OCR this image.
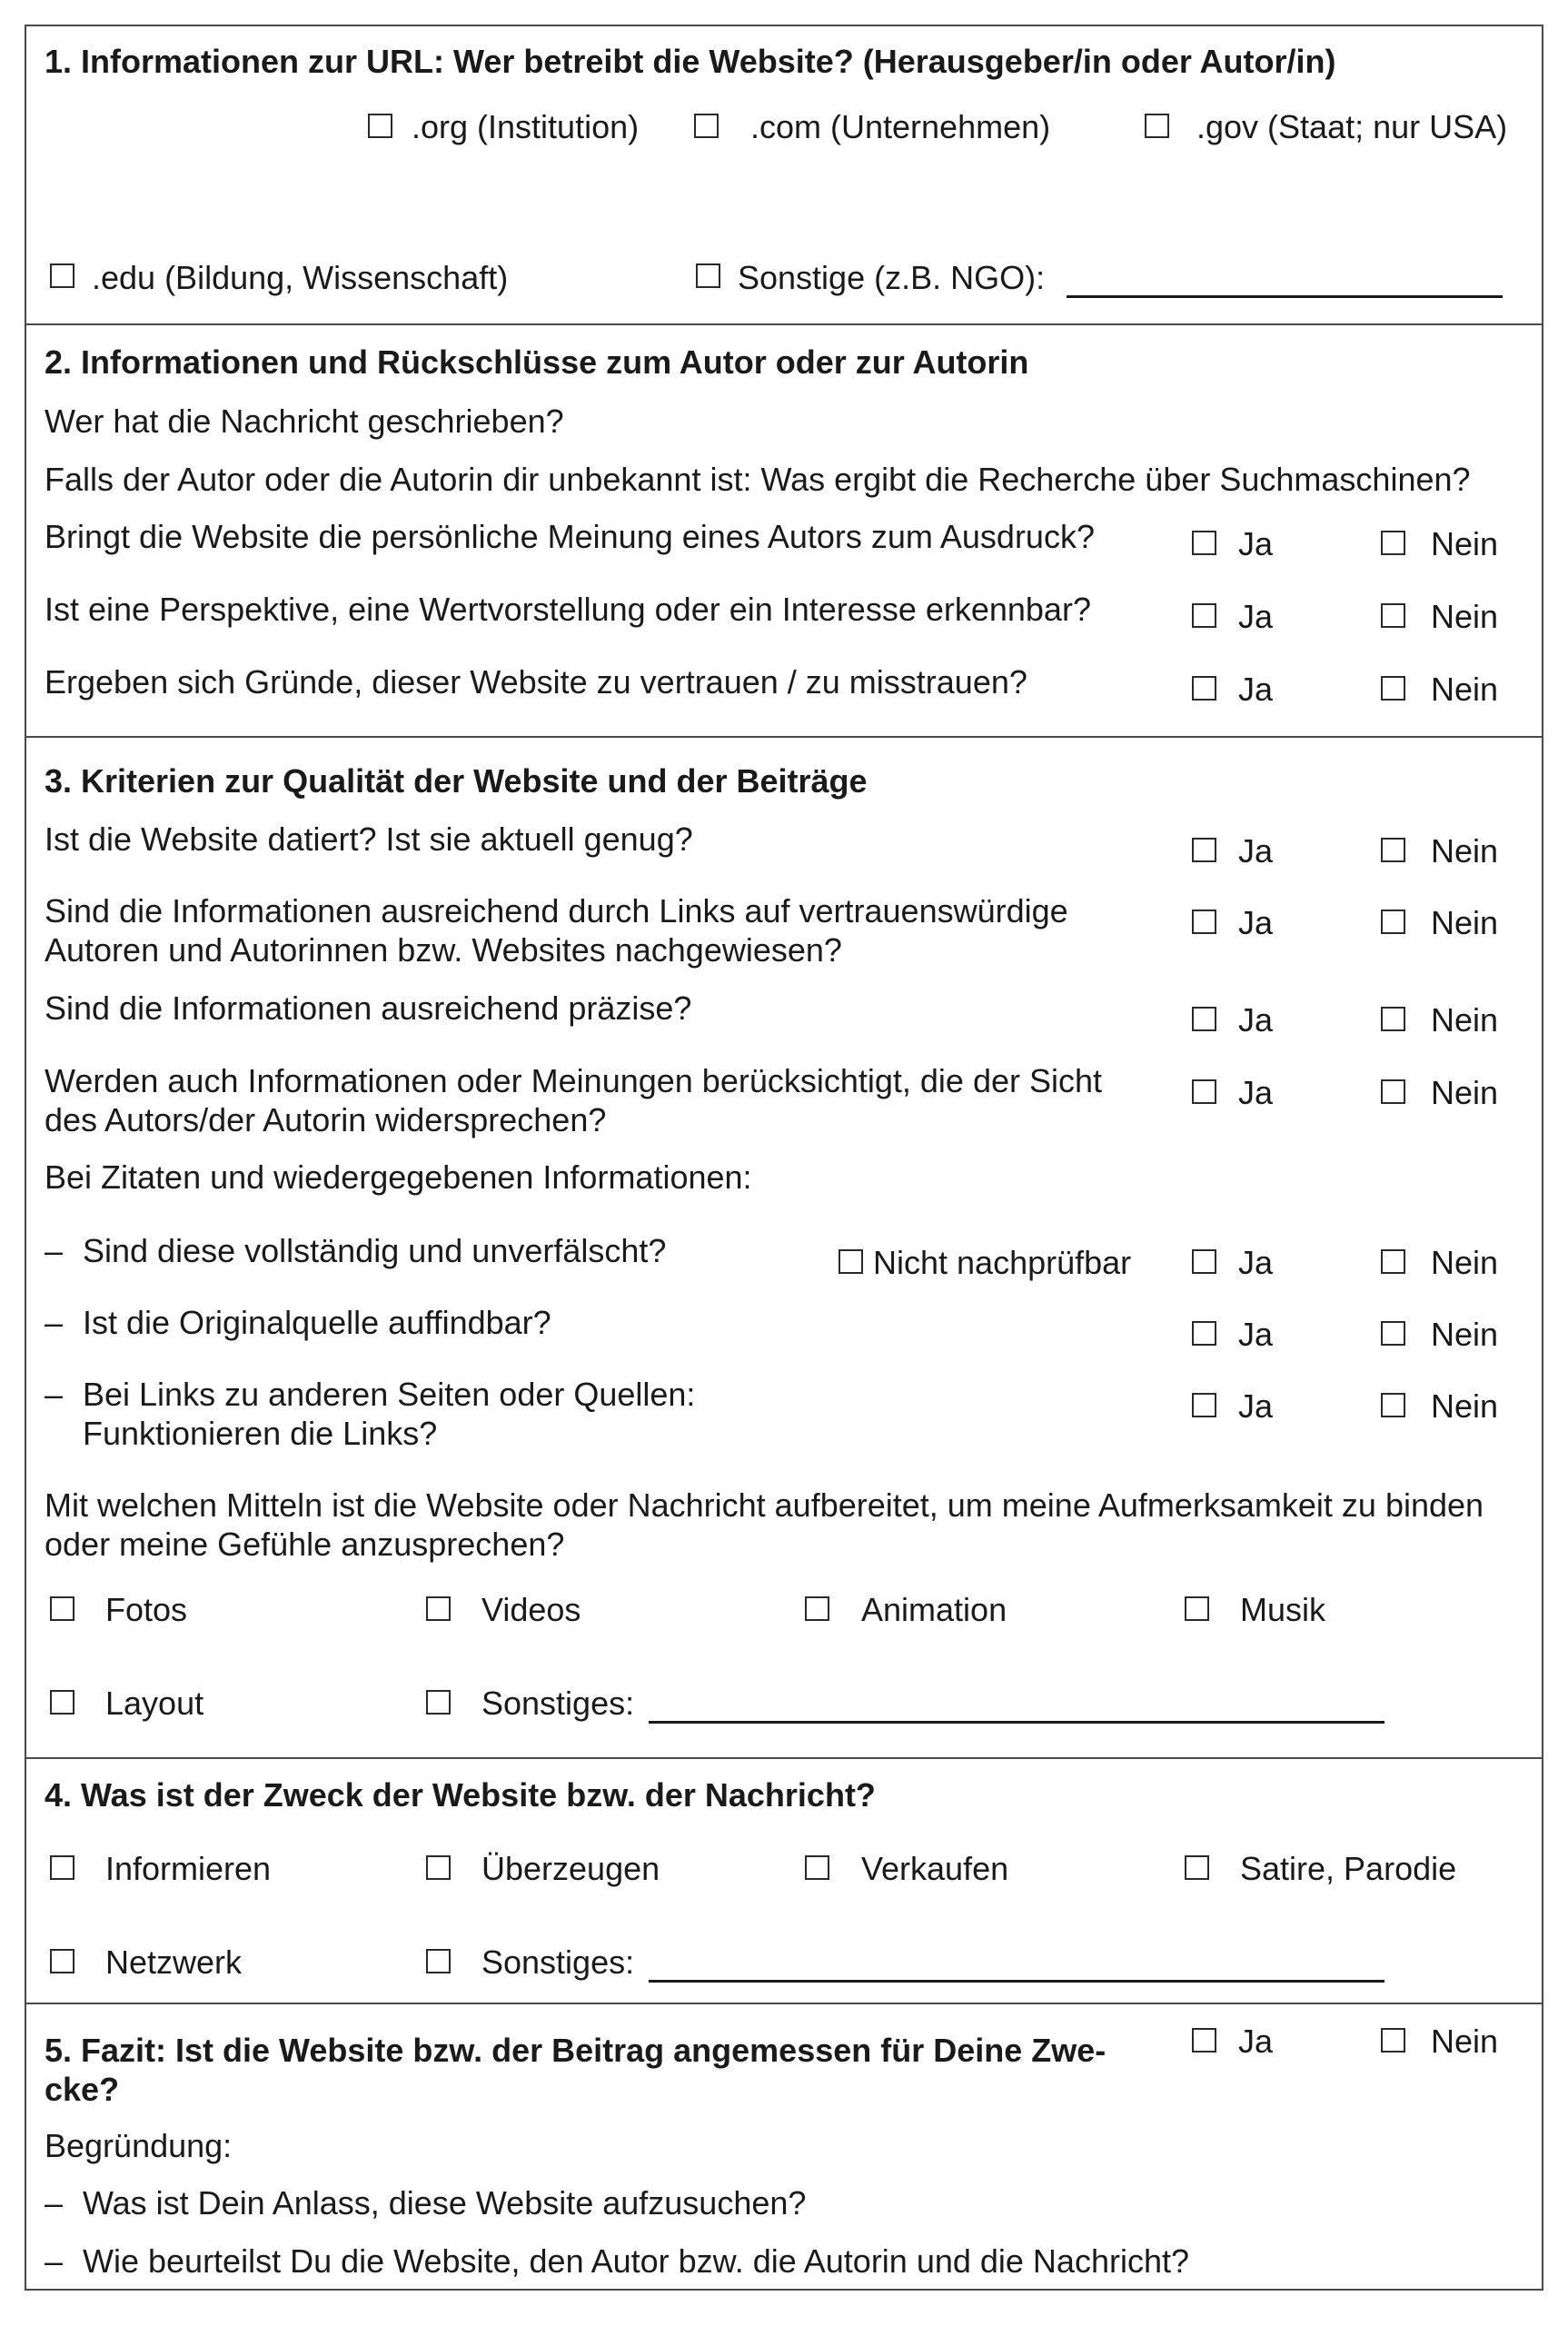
1. Informationen zur URL: Wer betreibt die Website? (Herausgeber/in oder Autor/in)
.org (Institution)	.com (Unternehmen)	.gov (Staat; nur USA)
.edu (Bildung, Wissenschaft)	Sonstige (z.B. NGO):
2. Informationen und Rückschlüsse zum Autor oder zur Autorin
Wer hat die Nachricht geschrieben?
Falls der Autor oder die Autorin dir unbekannt ist: Was ergibt die Recherche über Suchmaschinen?
Bringt die Website die persönliche Meinung eines Autors zum Ausdruck?	Ja	Nein
Ist eine Perspektive, eine Wertvorstellung oder ein Interesse erkennbar?	Ja	Nein
Ergeben sich Gründe, dieser Website zu vertrauen / zu misstrauen?	Ja	Nein
3. Kriterien zur Qualität der Website und der Beiträge
Ist die Website datiert? Ist sie aktuell genug?	Ja	Nein
Sind die Informationen ausreichend durch Links auf vertrauenswürdige
Autoren und Autorinnen bzw. Websites nachgewiesen?
Ja	Nein
Sind die Informationen ausreichend präzise?	Ja	Nein
Werden auch Informationen oder Meinungen berücksichtigt, die der Sicht
des Autors/der Autorin widersprechen?
Ja	Nein
Bei Zitaten und wiedergegebenen Informationen:
– Sind diese vollständig und unverfälscht?	Nicht nachprüfbar	Ja	Nein
– Ist die Originalquelle auffindbar?	Ja	Nein
– Bei Links zu anderen Seiten oder Quellen:
Funktionieren die Links?
Ja	Nein
Mit welchen Mitteln ist die Website oder Nachricht aufbereitet, um meine Aufmerksamkeit zu binden
oder meine Gefühle anzusprechen?
Fotos	Videos	Animation	Musik
Layout	Sonstiges:
4. Was ist der Zweck der Website bzw. der Nachricht?
Informieren	Überzeugen	Verkaufen	Satire, Parodie
Netzwerk	Sonstiges:
5. Fazit: Ist die Website bzw. der Beitrag angemessen für Deine Zwe-
cke?
Ja	Nein
Begründung:
– Was ist Dein Anlass, diese Website aufzusuchen?
– Wie beurteilst Du die Website, den Autor bzw. die Autorin und die Nachricht?
